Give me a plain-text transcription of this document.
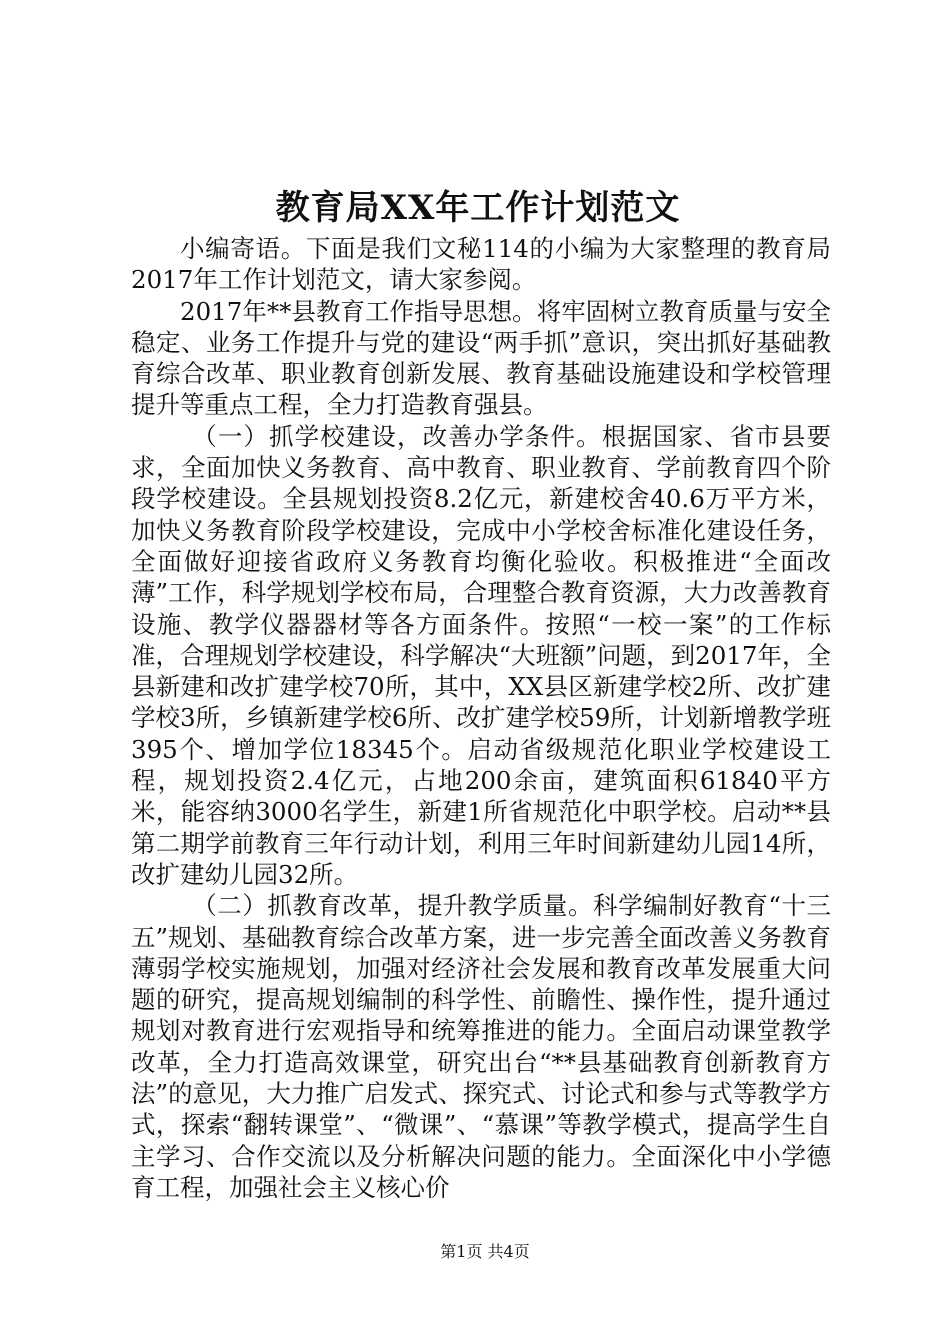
教育局XX年工作计划范文

小编寄语。下面是我们文秘114的小编为大家整理的教育局2017年工作计划范文，请大家参阅。

2017年**县教育工作指导思想。将牢固树立教育质量与安全稳定、业务工作提升与党的建设“两手抓”意识，突出抓好基础教育综合改革、职业教育创新发展、教育基础设施建设和学校管理提升等重点工程，全力打造教育强县。

（一）抓学校建设，改善办学条件。根据国家、省市县要求，全面加快义务教育、高中教育、职业教育、学前教育四个阶段学校建设。全县规划投资8.2亿元，新建校舍40.6万平方米，加快义务教育阶段学校建设，完成中小学校舍标准化建设任务，全面做好迎接省政府义务教育均衡化验收。积极推进“全面改薄”工作，科学规划学校布局，合理整合教育资源，大力改善教育设施、教学仪器器材等各方面条件。按照“一校一案”的工作标准，合理规划学校建设，科学解决“大班额”问题，到2017年，全县新建和改扩建学校70所，其中，XX县区新建学校2所、改扩建学校3所，乡镇新建学校6所、改扩建学校59所，计划新增教学班395个、增加学位18345个。启动省级规范化职业学校建设工程，规划投资2.4亿元，占地200余亩，建筑面积61840平方米，能容纳3000名学生，新建1所省规范化中职学校。启动**县第二期学前教育三年行动计划，利用三年时间新建幼儿园14所，改扩建幼儿园32所。

（二）抓教育改革，提升教学质量。科学编制好教育“十三五”规划、基础教育综合改革方案，进一步完善全面改善义务教育薄弱学校实施规划，加强对经济社会发展和教育改革发展重大问题的研究，提高规划编制的科学性、前瞻性、操作性，提升通过规划对教育进行宏观指导和统筹推进的能力。全面启动课堂教学改革，全力打造高效课堂，研究出台“**县基础教育创新教育方法”的意见，大力推广启发式、探究式、讨论式和参与式等教学方式，探索“翻转课堂”、“微课”、“慕课”等教学模式，提高学生自主学习、合作交流以及分析解决问题的能力。全面深化中小学德育工程，加强社会主义核心价

第1页 共4页
